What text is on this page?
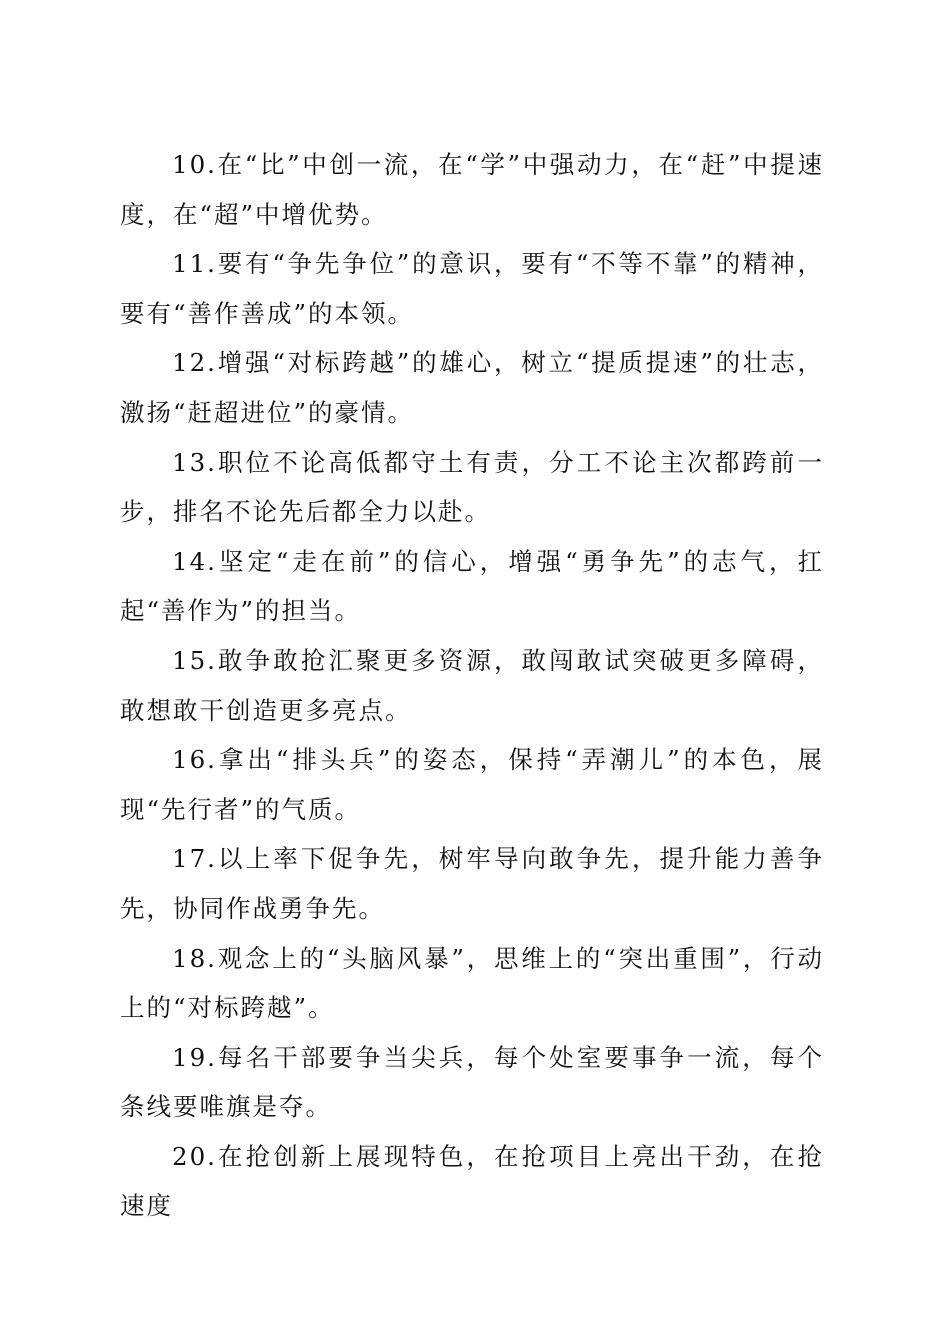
10.在“比”中创一流，在“学”中强动力，在“赶”中提速度，在“超”中增优势。

11.要有“争先争位”的意识，要有“不等不靠”的精神，要有“善作善成”的本领。

12.增强“对标跨越”的雄心，树立“提质提速”的壮志，激扬“赶超进位”的豪情。

13.职位不论高低都守土有责，分工不论主次都跨前一步，排名不论先后都全力以赴。

14.坚定“走在前”的信心，增强“勇争先”的志气，扛起“善作为”的担当。

15.敢争敢抢汇聚更多资源，敢闯敢试突破更多障碍，敢想敢干创造更多亮点。

16.拿出“排头兵”的姿态，保持“弄潮儿”的本色，展现“先行者”的气质。

17.以上率下促争先，树牢导向敢争先，提升能力善争先，协同作战勇争先。

18.观念上的“头脑风暴”，思维上的“突出重围”，行动上的“对标跨越”。

19.每名干部要争当尖兵，每个处室要事争一流，每个条线要唯旗是夺。

20.在抢创新上展现特色，在抢项目上亮出干劲，在抢速度
